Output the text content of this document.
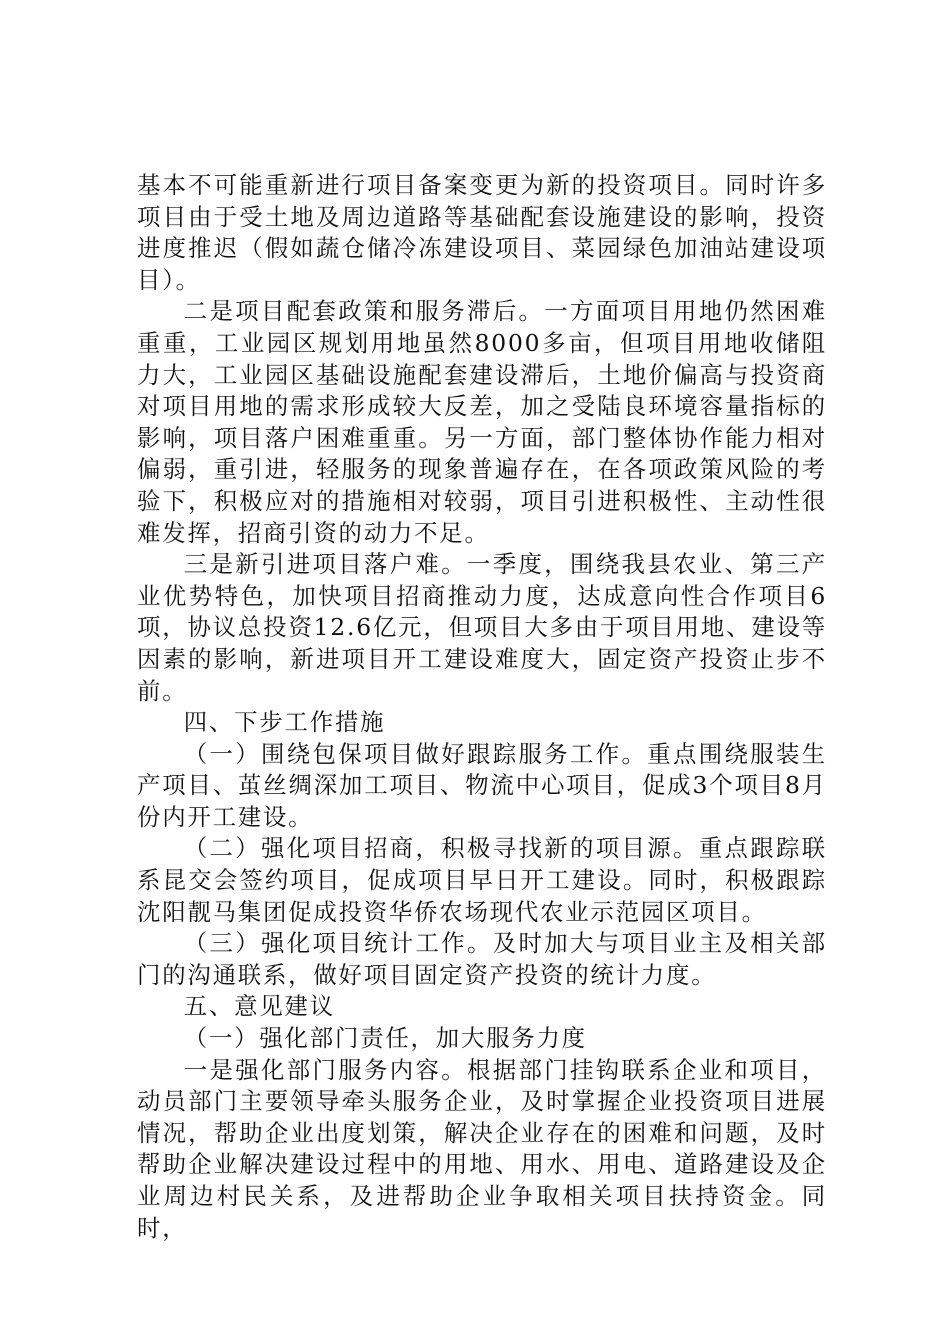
基本不可能重新进行项目备案变更为新的投资项目。同时许多项目由于受土地及周边道路等基础配套设施建设的影响，投资进度推迟（假如蔬仓储冷冻建设项目、菜园绿色加油站建设项目）。

二是项目配套政策和服务滞后。一方面项目用地仍然困难重重，工业园区规划用地虽然8000多亩，但项目用地收储阻力大，工业园区基础设施配套建设滞后，土地价偏高与投资商对项目用地的需求形成较大反差，加之受陆良环境容量指标的影响，项目落户困难重重。另一方面，部门整体协作能力相对偏弱，重引进，轻服务的现象普遍存在，在各项政策风险的考验下，积极应对的措施相对较弱，项目引进积极性、主动性很难发挥，招商引资的动力不足。

三是新引进项目落户难。一季度，围绕我县农业、第三产业优势特色，加快项目招商推动力度，达成意向性合作项目6项，协议总投资12.6亿元，但项目大多由于项目用地、建设等因素的影响，新进项目开工建设难度大，固定资产投资止步不前。

四、下步工作措施

（一）围绕包保项目做好跟踪服务工作。重点围绕服装生产项目、茧丝绸深加工项目、物流中心项目，促成3个项目8月份内开工建设。

（二）强化项目招商，积极寻找新的项目源。重点跟踪联系昆交会签约项目，促成项目早日开工建设。同时，积极跟踪沈阳靓马集团促成投资华侨农场现代农业示范园区项目。

（三）强化项目统计工作。及时加大与项目业主及相关部门的沟通联系，做好项目固定资产投资的统计力度。

五、意见建议

（一）强化部门责任，加大服务力度

一是强化部门服务内容。根据部门挂钩联系企业和项目，动员部门主要领导牵头服务企业，及时掌握企业投资项目进展情况，帮助企业出度划策，解决企业存在的困难和问题，及时帮助企业解决建设过程中的用地、用水、用电、道路建设及企业周边村民关系，及进帮助企业争取相关项目扶持资金。同时，
